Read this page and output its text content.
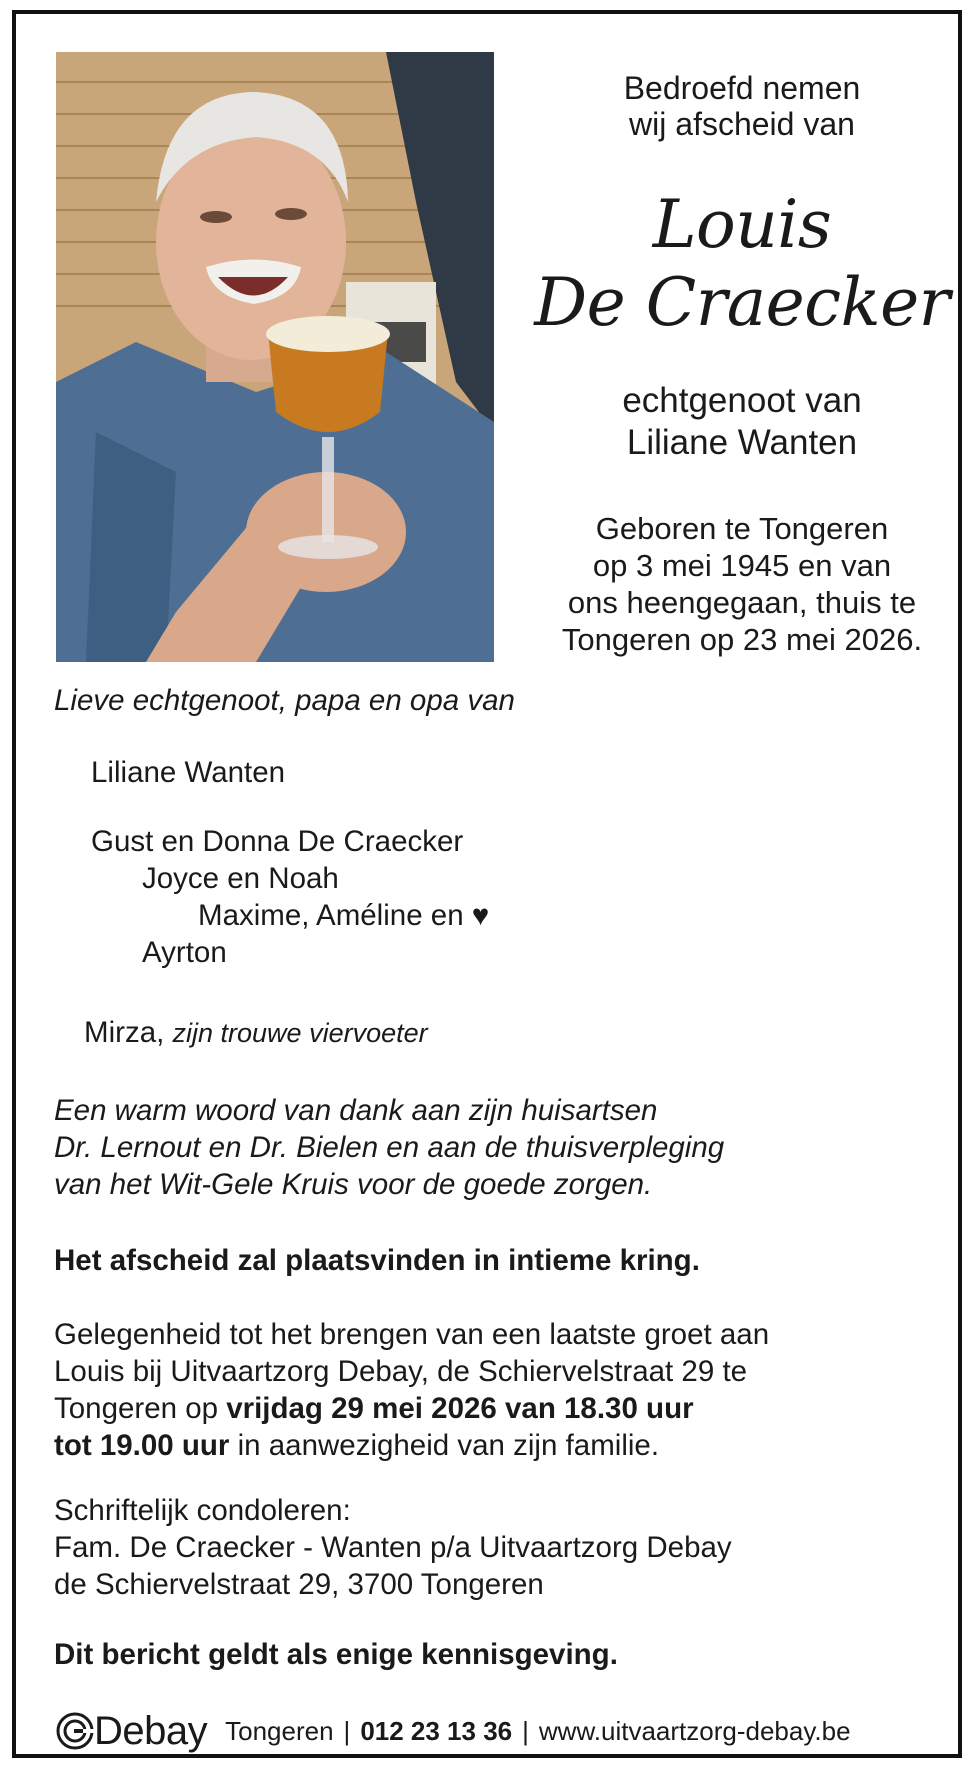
Bedroefd nemen
wij afscheid van
Louis
De Craecker
echtgenoot van
Liliane Wanten
Geboren te Tongeren
op 3 mei 1945 en van
ons heengegaan, thuis te
Tongeren op 23 mei 2026.
Lieve echtgenoot, papa en opa van
Liliane Wanten
Gust en Donna De Craecker
Joyce en Noah
Maxime, Améline en ♥
Ayrton
Mirza, zijn trouwe viervoeter
Een warm woord van dank aan zijn huisartsen
Dr. Lernout en Dr. Bielen en aan de thuisverpleging
van het Wit-Gele Kruis voor de goede zorgen.
Het afscheid zal plaatsvinden in intieme kring.
Gelegenheid tot het brengen van een laatste groet aan
Louis bij Uitvaartzorg Debay, de Schiervelstraat 29 te
Tongeren op vrijdag 29 mei 2026 van 18.30 uur
tot 19.00 uur in aanwezigheid van zijn familie.
Schriftelijk condoleren:
Fam. De Craecker - Wanten p/a Uitvaartzorg Debay
de Schiervelstraat 29, 3700 Tongeren
Dit bericht geldt als enige kennisgeving.
Debay Tongeren | 012 23 13 36 | www.uitvaartzorg-debay.be
